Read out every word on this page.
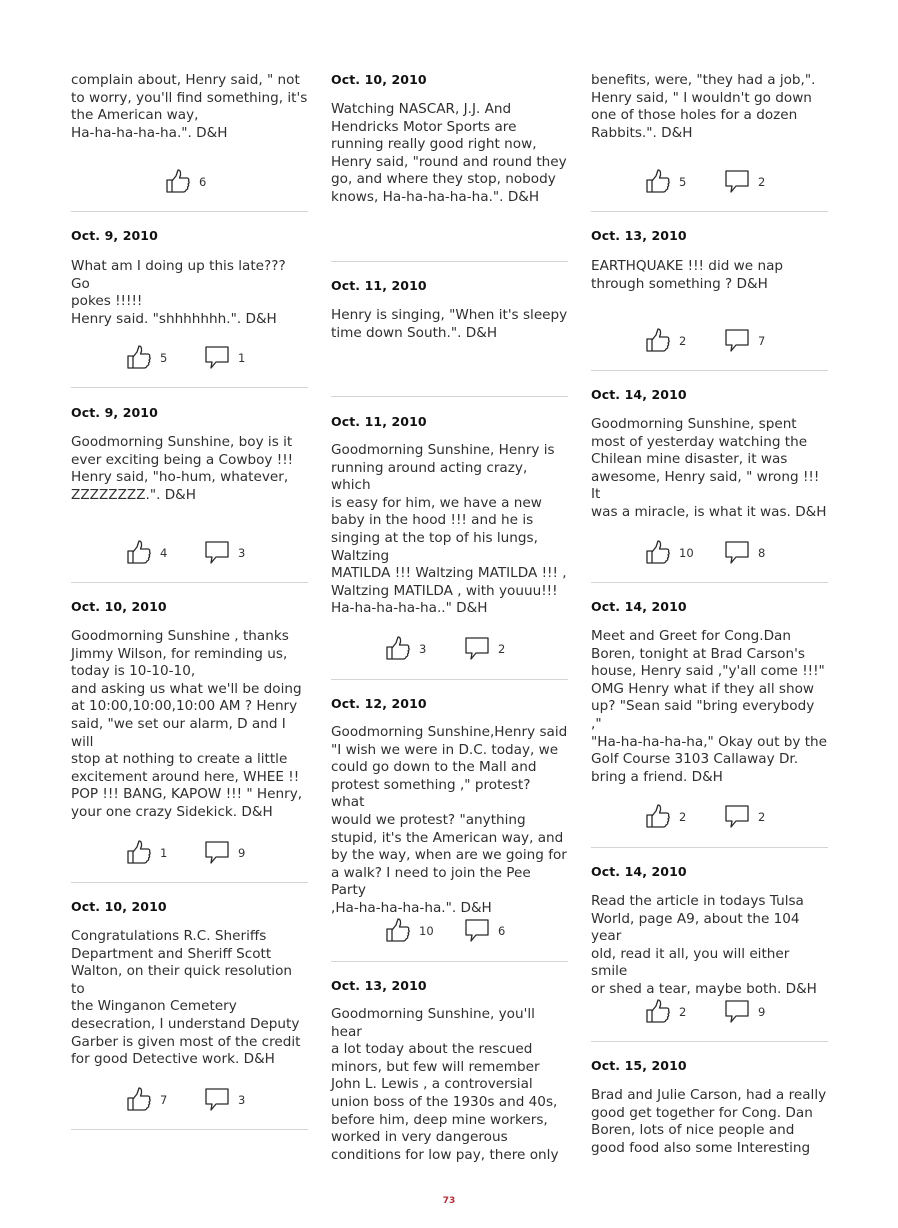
complain about, Henry said, " not
to worry, you'll find something, it's
the American way,
Ha-ha-ha-ha-ha.". D&H
6
Oct. 9, 2010
What am I doing up this late??? Go
pokes !!!!!
Henry said. "shhhhhhh.". D&H
5	1
Oct. 9, 2010
Goodmorning Sunshine, boy is it
ever exciting being a Cowboy !!!
Henry said, "ho-hum, whatever,
ZZZZZZZZ.". D&H
4	3
Oct. 10, 2010
Goodmorning Sunshine , thanks
Jimmy Wilson, for reminding us,
today is 10-10-10,
and asking us what we'll be doing
at 10:00,10:00,10:00 AM ? Henry
said, "we set our alarm, D and I will
stop at nothing to create a little
excitement around here, WHEE !!
POP !!! BANG, KAPOW !!! " Henry,
your one crazy Sidekick. D&H
1	9
Oct. 10, 2010
Congratulations R.C. Sheriffs
Department and Sheriff Scott
Walton, on their quick resolution to
the Winganon Cemetery
desecration, I understand Deputy
Garber is given most of the credit
for good Detective work. D&H
7	3
Oct. 10, 2010
Watching NASCAR, J.J. And
Hendricks Motor Sports are
running really good right now,
Henry said, "round and round they
go, and where they stop, nobody
knows, Ha-ha-ha-ha-ha.". D&H
Oct. 11, 2010
Henry is singing, "When it's sleepy
time down South.". D&H
Oct. 11, 2010
Goodmorning Sunshine, Henry is
running around acting crazy, which
is easy for him, we have a new
baby in the hood !!! and he is
singing at the top of his lungs,
Waltzing
MATILDA !!! Waltzing MATILDA !!! ,
Waltzing MATILDA , with youuu!!!
Ha-ha-ha-ha-ha.." D&H
3	2
Oct. 12, 2010
Goodmorning Sunshine,Henry said
"I wish we were in D.C. today, we
could go down to the Mall and
protest something ," protest? what
would we protest? "anything
stupid, it's the American way, and
by the way, when are we going for
a walk? I need to join the Pee Party
,Ha-ha-ha-ha-ha.". D&H
10	6
Oct. 13, 2010
Goodmorning Sunshine, you'll hear
a lot today about the rescued
minors, but few will remember
John L. Lewis , a controversial
union boss of the 1930s and 40s,
before him, deep mine workers,
worked in very dangerous
conditions for low pay, there only
benefits, were, "they had a job,".
Henry said, " I wouldn't go down
one of those holes for a dozen
Rabbits.". D&H
5	2
Oct. 13, 2010
EARTHQUAKE !!! did we nap
through something ? D&H
2	7
Oct. 14, 2010
Goodmorning Sunshine, spent
most of yesterday watching the
Chilean mine disaster, it was
awesome, Henry said, " wrong !!! It
was a miracle, is what it was. D&H
10	8
Oct. 14, 2010
Meet and Greet for Cong.Dan
Boren, tonight at Brad Carson's
house, Henry said ,"y'all come !!!"
OMG Henry what if they all show
up? "Sean said "bring everybody ,"
"Ha-ha-ha-ha-ha," Okay out by the
Golf Course 3103 Callaway Dr.
bring a friend. D&H
2	2
Oct. 14, 2010
Read the article in todays Tulsa
World, page A9, about the 104 year
old, read it all, you will either smile
or shed a tear, maybe both. D&H
2	9
Oct. 15, 2010
Brad and Julie Carson, had a really
good get together for Cong. Dan
Boren, lots of nice people and
good food also some Interesting
73
